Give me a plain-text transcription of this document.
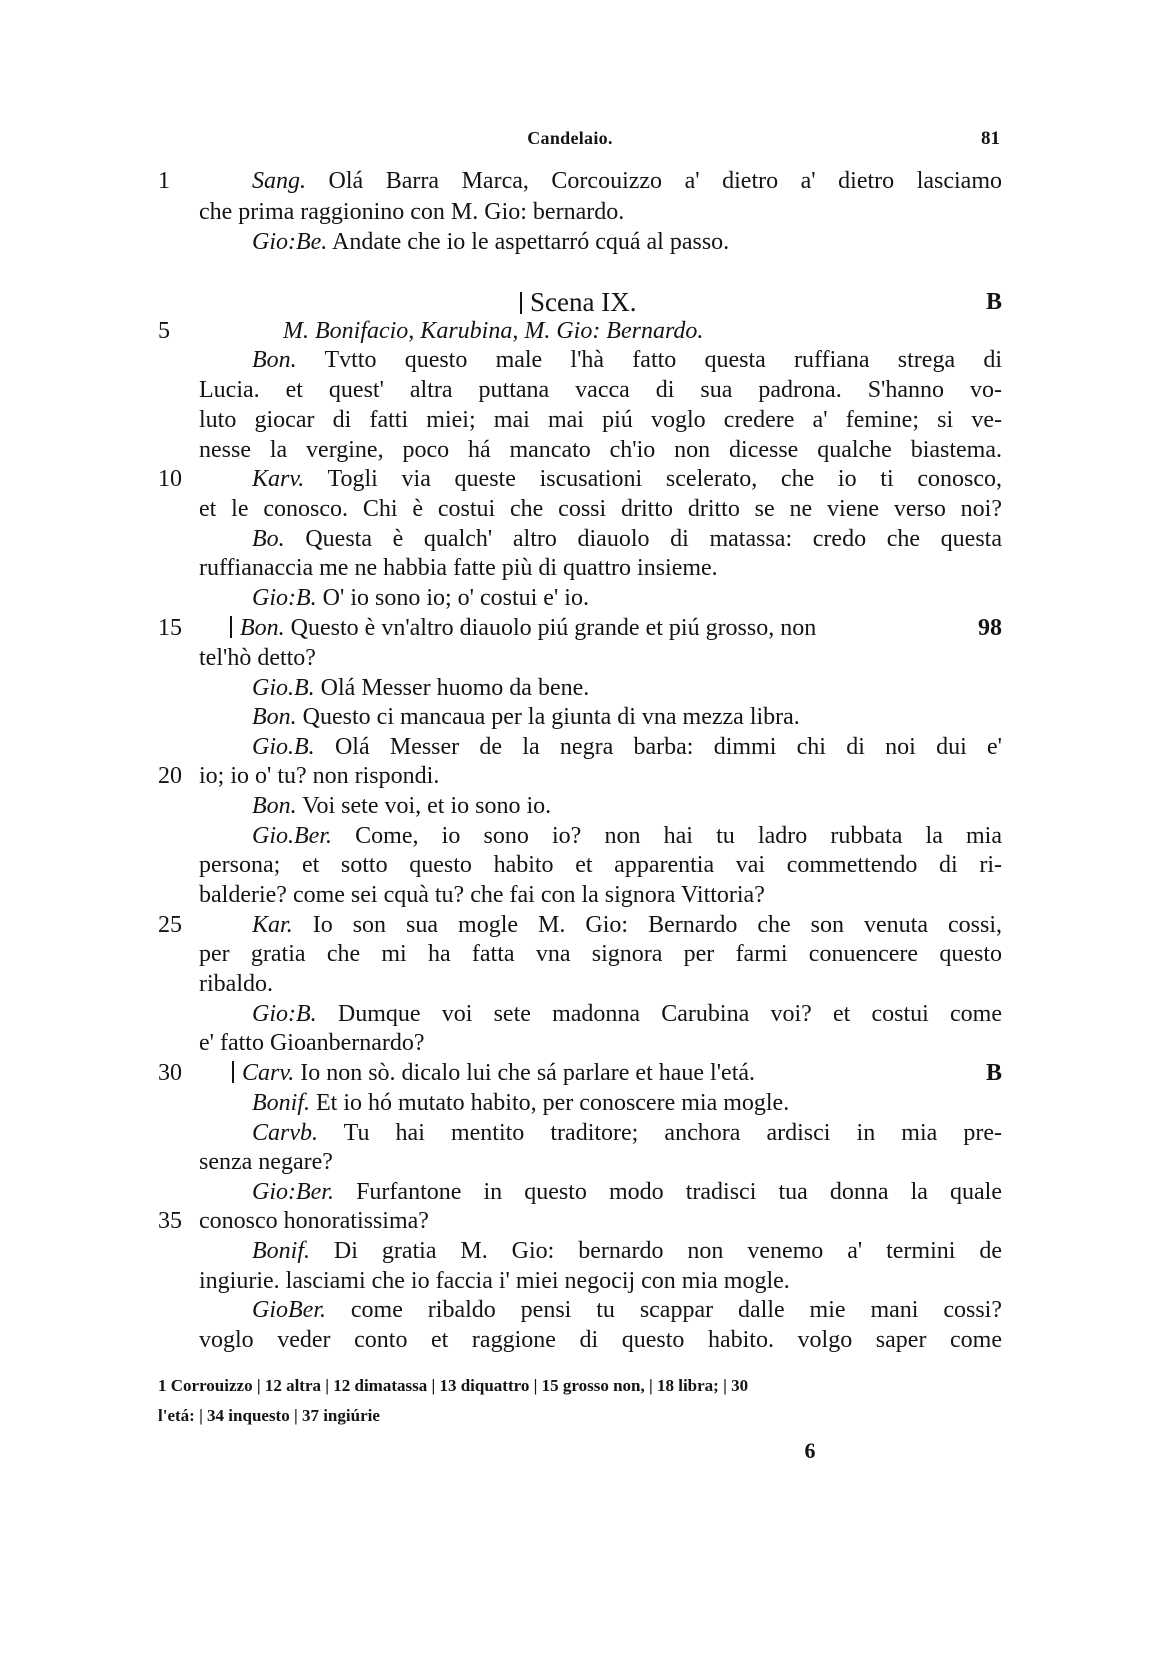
Candelaio.	81
1	Sang. Olá Barra Marca, Corcouizzo a' dietro a' dietro lasciamo
che prima raggionino con M. Gio: bernardo.
Gio:Be. Andate che io le aspettarró cquá al passo.
Scena IX.	B
5	M. Bonifacio, Karubina, M. Gio: Bernardo.
Bon. Tvtto questo male l'hà fatto questa ruffiana strega di
Lucia. et quest' altra puttana vacca di sua padrona. S'hanno vo-
luto giocar di fatti miei; mai mai piú voglo credere a' femine; si ve-
nesse la vergine, poco há mancato ch'io non dicesse qualche biastema.
10	Karv. Togli via queste iscusationi scelerato, che io ti conosco,
et le conosco. Chi è costui che cossi dritto dritto se ne viene verso noi?
Bo. Questa è qualch' altro diauolo di matassa: credo che questa
ruffianaccia me ne habbia fatte più di quattro insieme.
Gio:B. O' io sono io; o' costui e' io.
15	Bon. Questo è vn'altro diauolo piú grande et piú grosso, non	98
tel'hò detto?
Gio.B. Olá Messer huomo da bene.
Bon. Questo ci mancaua per la giunta di vna mezza libra.
Gio.B. Olá Messer de la negra barba: dimmi chi di noi dui e'
20 io; io o' tu? non rispondi.
Bon. Voi sete voi, et io sono io.
Gio.Ber. Come, io sono io? non hai tu ladro rubbata la mia
persona; et sotto questo habito et apparentia vai commettendo di ri-
balderie? come sei cquà tu? che fai con la signora Vittoria?
25	Kar. Io son sua mogle M. Gio: Bernardo che son venuta cossi,
per gratia che mi ha fatta vna signora per farmi conuencere questo
ribaldo.
Gio:B. Dumque voi sete madonna Carubina voi? et costui come
e' fatto Gioanbernardo?
30	Carv. Io non sò. dicalo lui che sá parlare et haue l'etá.	B
Bonif. Et io hó mutato habito, per conoscere mia mogle.
Carvb. Tu hai mentito traditore; anchora ardisci in mia pre-
senza negare?
Gio:Ber. Furfantone in questo modo tradisci tua donna la quale
35 conosco honoratissima?
Bonif. Di gratia M. Gio: bernardo non venemo a' termini de
ingiurie. lasciami che io faccia i' miei negocij con mia mogle.
GioBer. come ribaldo pensi tu scappar dalle mie mani cossi?
voglo veder conto et raggione di questo habito. volgo saper come
1 Corrouizzo | 12 altra | 12 dimatassa | 13 diquattro | 15 grosso non, | 18 libra; | 30
l'etá: | 34 inquesto | 37 ingiúrie
6
